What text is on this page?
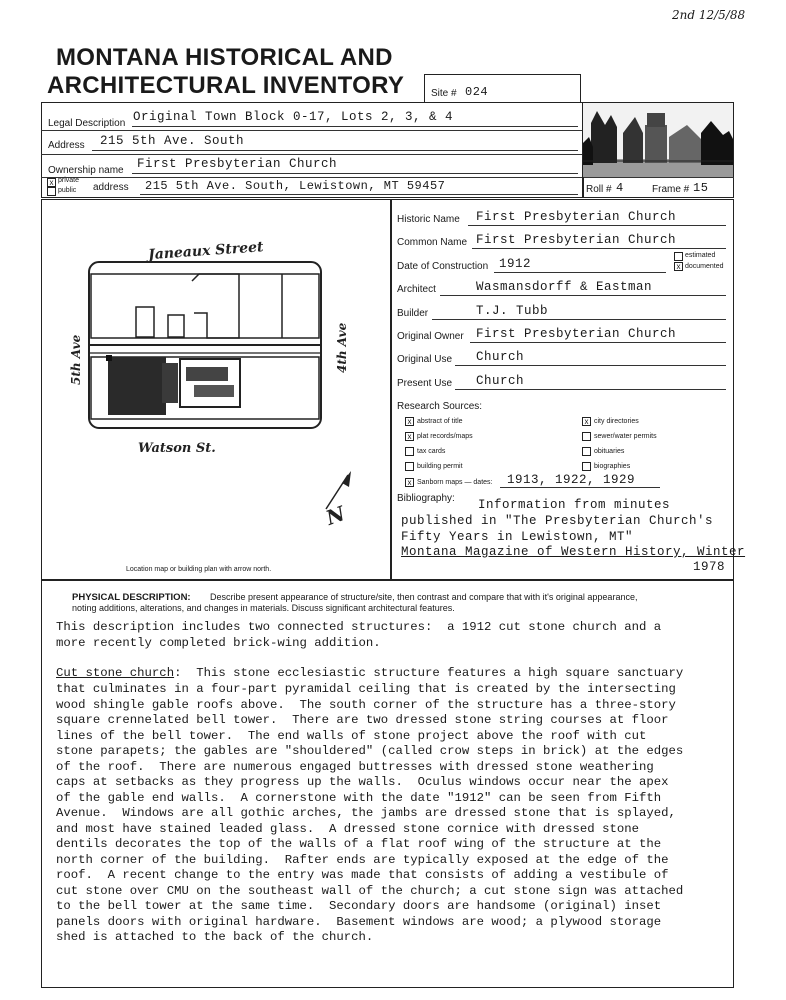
2nd 12/5/88
MONTANA HISTORICAL AND
ARCHITECTURAL INVENTORY	Site # 024
Legal Description Original Town Block 0-17, Lots 2, 3, & 4
Address 215 5th Ave. South
Ownership name First Presbyterian Church
x private
public address 215 5th Ave. South, Lewistown, MT 59457	Roll # 4	Frame # 15
Janeaux Street
Watson St.
5th Ave	4th Ave
N
Location map or building plan with arrow north.
Historic Name First Presbyterian Church
Common Name First Presbyterian Church
Date of Construction 1912
estimated
x documented
Architect	Wasmansdorff & Eastman
Builder	T.J. Tubb
Original Owner First Presbyterian Church
Original Use Church
Present Use Church
Research Sources:
x abstract of title	x city directories
x plat records/maps	sewer/water permits
tax cards	obituaries
building permit	biographies
x Sanborn maps — dates: 1913, 1922, 1929
Bibliography: Information from minutes
published in "The Presbyterian Church's
Fifty Years in Lewistown, MT"
Montana Magazine of Western History, Winter
1978
PHYSICAL DESCRIPTION: Describe present appearance of structure/site, then contrast and compare that with it's original appearance,
noting additions, alterations, and changes in materials. Discuss significant architectural features.
This description includes two connected structures:  a 1912 cut stone church and a
more recently completed brick-wing addition.
Cut stone church:  This stone ecclesiastic structure features a high square sanctuary
that culminates in a four-part pyramidal ceiling that is created by the intersecting
wood shingle gable roofs above.  The south corner of the structure has a three-story
square crennelated bell tower.  There are two dressed stone string courses at floor
lines of the bell tower.  The end walls of stone project above the roof with cut
stone parapets; the gables are "shouldered" (called crow steps in brick) at the edges
of the roof.  There are numerous engaged buttresses with dressed stone weathering
caps at setbacks as they progress up the walls.  Oculus windows occur near the apex
of the gable end walls.  A cornerstone with the date "1912" can be seen from Fifth
Avenue.  Windows are all gothic arches, the jambs are dressed stone that is splayed,
and most have stained leaded glass.  A dressed stone cornice with dressed stone
dentils decorates the top of the walls of a flat roof wing of the structure at the
north corner of the building.  Rafter ends are typically exposed at the edge of the
roof.  A recent change to the entry was made that consists of adding a vestibule of
cut stone over CMU on the southeast wall of the church; a cut stone sign was attached
to the bell tower at the same time.  Secondary doors are handsome (original) inset
panels doors with original hardware.  Basement windows are wood; a plywood storage
shed is attached to the back of the church.
